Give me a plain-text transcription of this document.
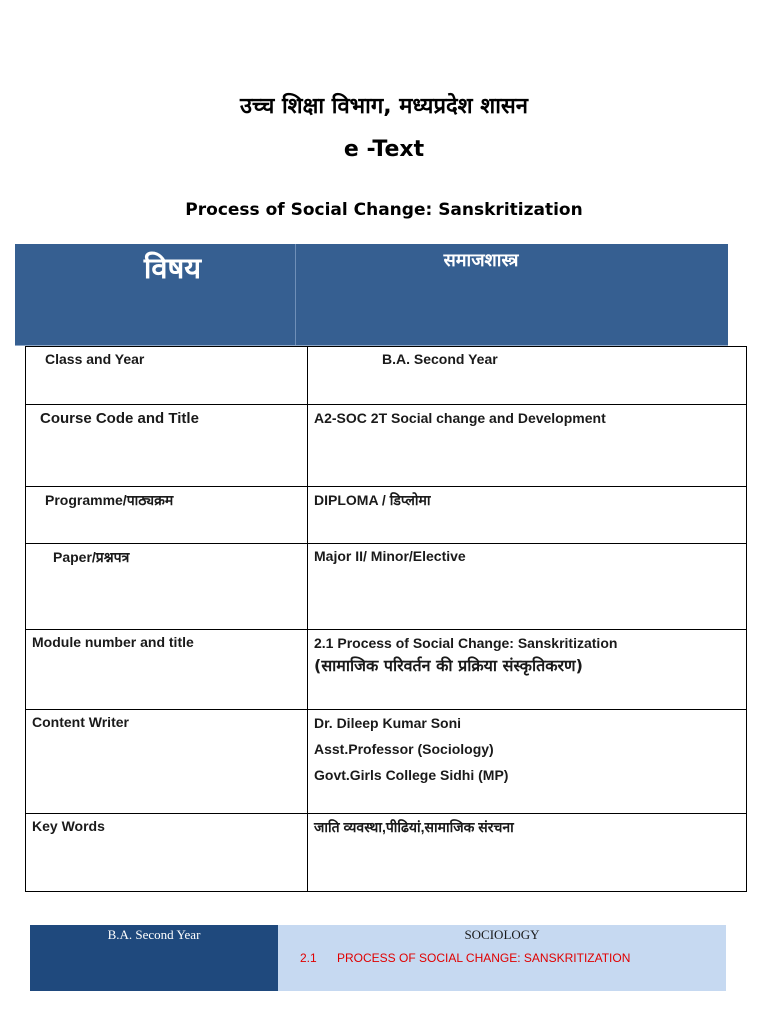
उच्च शिक्षा विभाग, मध्यप्रदेश शासन
e -Text
Process of Social Change: Sanskritization
विषय	समाजशास्त्र
Class and Year	B.A. Second Year
Course Code and Title	A2-SOC 2T Social change and Development
Programme/पाठ्यक्रम	DIPLOMA / डिप्लोमा
Paper/प्रश्नपत्र	Major II/ Minor/Elective
Module number and title	2.1 Process of Social Change: Sanskritization
(सामाजिक परिवर्तन की प्रक्रिया संस्कृतिकरण)

Content Writer	Dr. Dileep Kumar Soni
Asst.Professor (Sociology)
Govt.Girls College Sidhi (MP)

Key Words	जाति व्यवस्था,पीढियां,सामाजिक संरचना
B.A. Second Year	SOCIOLOGY
2.1 PROCESS OF SOCIAL CHANGE: SANSKRITIZATION
